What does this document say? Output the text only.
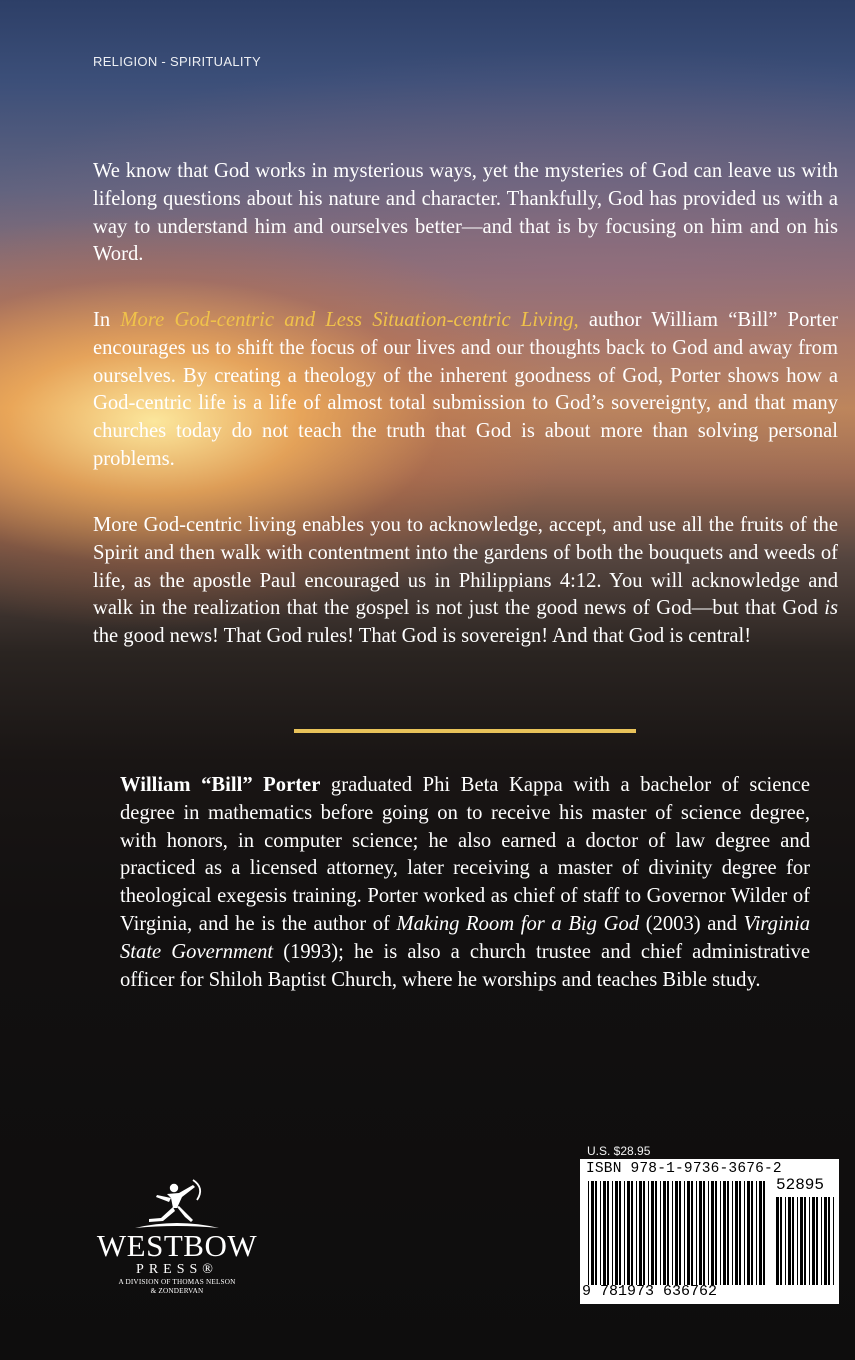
RELIGION - SPIRITUALITY

We know that God works in mysterious ways, yet the mysteries of God can leave us with lifelong questions about his nature and character. Thankfully, God has provided us with a way to understand him and ourselves better—and that is by focusing on him and on his Word.

In More God-centric and Less Situation-centric Living, author William “Bill” Porter encourages us to shift the focus of our lives and our thoughts back to God and away from ourselves. By creating a theology of the inherent goodness of God, Porter shows how a God-centric life is a life of almost total submission to God’s sovereignty, and that many churches today do not teach the truth that God is about more than solving personal problems.

More God-centric living enables you to acknowledge, accept, and use all the fruits of the Spirit and then walk with contentment into the gardens of both the bouquets and weeds of life, as the apostle Paul encouraged us in Philippians 4:12. You will acknowledge and walk in the realization that the gospel is not just the good news of God—but that God is the good news! That God rules! That God is sovereign! And that God is central!

William “Bill” Porter graduated Phi Beta Kappa with a bachelor of science degree in mathematics before going on to receive his master of science degree, with honors, in computer science; he also earned a doctor of law degree and practiced as a licensed attorney, later receiving a master of divinity degree for theological exegesis training. Porter worked as chief of staff to Governor Wilder of Virginia, and he is the author of Making Room for a Big God (2003) and Virginia State Government (1993); he is also a church trustee and chief administrative officer for Shiloh Baptist Church, where he worships and teaches Bible study.

WESTBOW
PRESS®
A DIVISION OF THOMAS NELSON
& ZONDERVAN
U.S. $28.95
ISBN 978-1-9736-3676-2
52895
9 781973 636762
